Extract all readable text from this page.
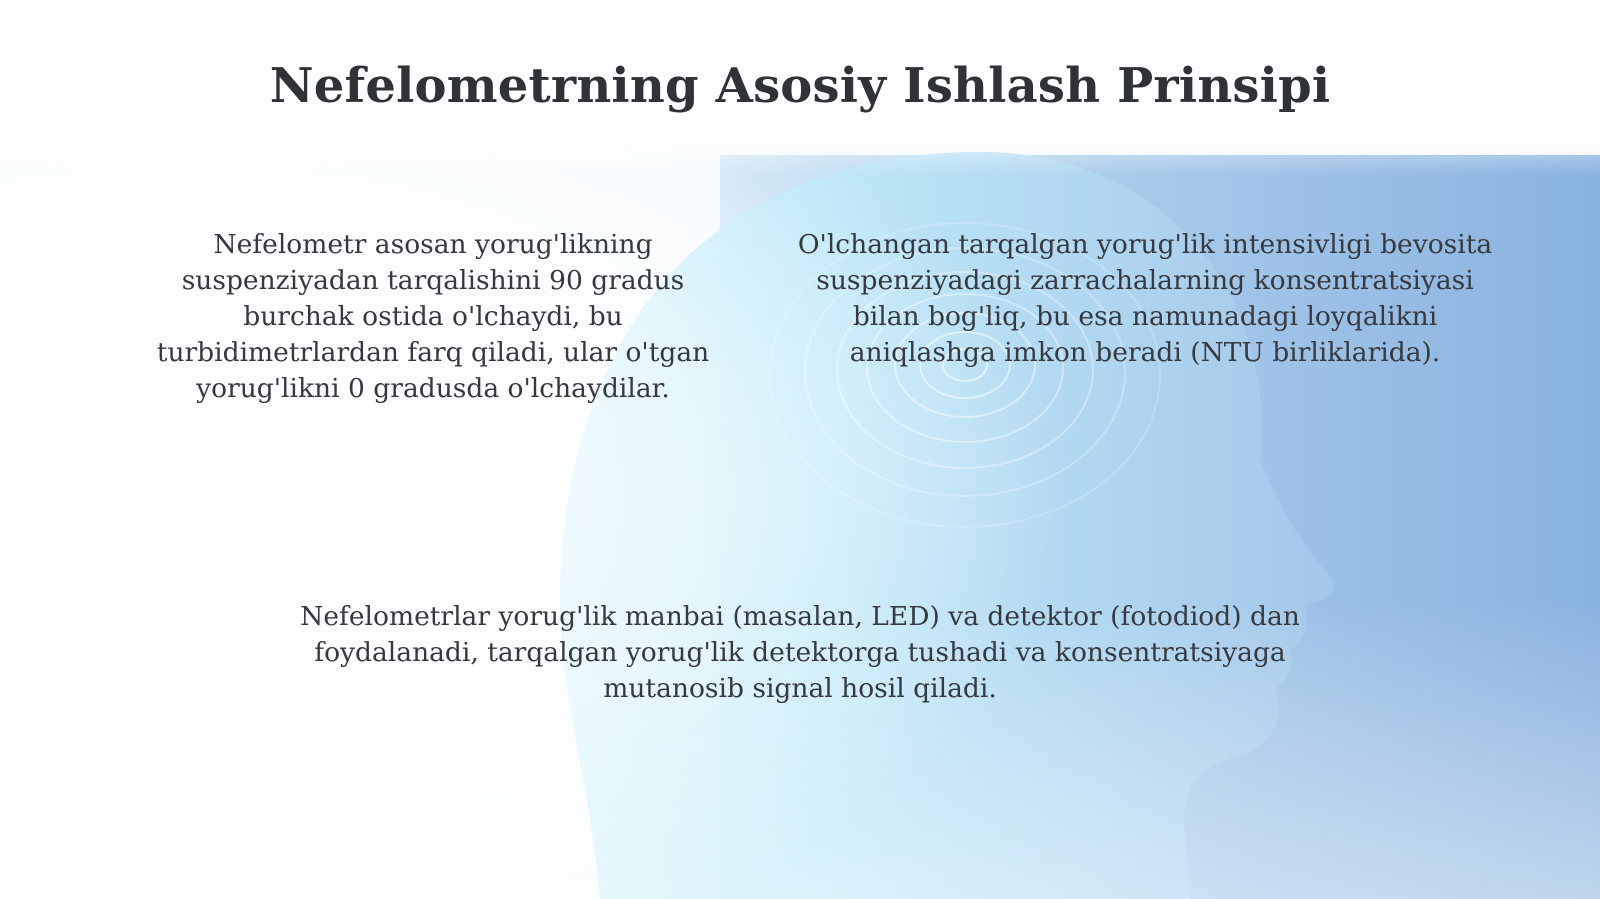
Nefelometrning Asosiy Ishlash Prinsipi

Nefelometr asosan yorug'likning suspenziyadan tarqalishini 90 gradus burchak ostida o'lchaydi, bu turbidimetrlardan farq qiladi, ular o'tgan yorug'likni 0 gradusda o'lchaydilar.

O'lchangan tarqalgan yorug'lik intensivligi bevosita suspenziyadagi zarrachalarning konsentratsiyasi bilan bog'liq, bu esa namunadagi loyqalikni aniqlashga imkon beradi (NTU birliklarida).

Nefelometrlar yorug'lik manbai (masalan, LED) va detektor (fotodiod) dan foydalanadi, tarqalgan yorug'lik detektorga tushadi va konsentratsiyaga mutanosib signal hosil qiladi.
